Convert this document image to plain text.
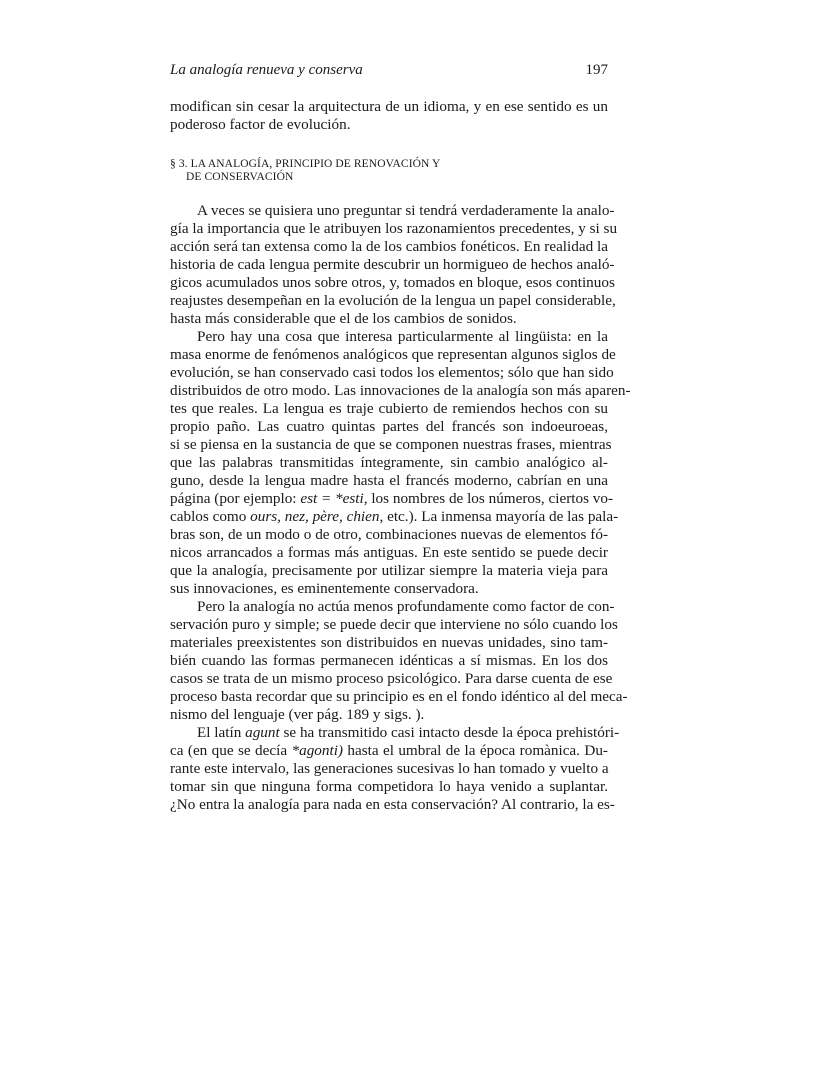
La analogía renueva y conserva	197
§ 3. LA ANALOGÍA, PRINCIPIO DE RENOVACIÓN Y
DE CONSERVACIÓN
modifican sin cesar la arquitectura de un idioma, y en ese sentido es un
poderoso factor de evolución.
A veces se quisiera uno preguntar si tendrá verdaderamente la analo-
gía la importancia que le atribuyen los razonamientos precedentes, y si su
acción será tan extensa como la de los cambios fonéticos. En realidad la
historia de cada lengua permite descubrir un hormigueo de hechos analó-
gicos acumulados unos sobre otros, y, tomados en bloque, esos continuos
reajustes desempeñan en la evolución de la lengua un papel considerable,
hasta más considerable que el de los cambios de sonidos.
Pero hay una cosa que interesa particularmente al lingüista: en la
masa enorme de fenómenos analógicos que representan algunos siglos de
evolución, se han conservado casi todos los elementos; sólo que han sido
distribuidos de otro modo. Las innovaciones de la analogía son más aparen-
tes que reales. La lengua es traje cubierto de remiendos hechos con su
propio paño. Las cuatro quintas partes del francés son indoeuroeas,
si se piensa en la sustancia de que se componen nuestras frases, mientras
que las palabras transmitidas íntegramente, sin cambio analógico al-
guno, desde la lengua madre hasta el francés moderno, cabrían en una
página (por ejemplo: est = *esti, los nombres de los números, ciertos vo-
cablos como ours, nez, père, chien, etc.). La inmensa mayoría de las pala-
bras son, de un modo o de otro, combinaciones nuevas de elementos fó-
nicos arrancados a formas más antiguas. En este sentido se puede decir
que la analogía, precisamente por utilizar siempre la materia vieja para
sus innovaciones, es eminentemente conservadora.
Pero la analogía no actúa menos profundamente como factor de con-
servación puro y simple; se puede decir que interviene no sólo cuando los
materiales preexistentes son distribuidos en nuevas unidades, sino tam-
bién cuando las formas permanecen idénticas a sí mismas. En los dos
casos se trata de un mismo proceso psicológico. Para darse cuenta de ese
proceso basta recordar que su principio es en el fondo idéntico al del meca-
nismo del lenguaje (ver pág. 189 y sigs. ).
El latín agunt se ha transmitido casi intacto desde la época prehistóri-
ca (en que se decía *agonti) hasta el umbral de la época romànica. Du-
rante este intervalo, las generaciones sucesivas lo han tomado y vuelto a
tomar sin que ninguna forma competidora lo haya venido a suplantar.
¿No entra la analogía para nada en esta conservación? Al contrario, la es-
